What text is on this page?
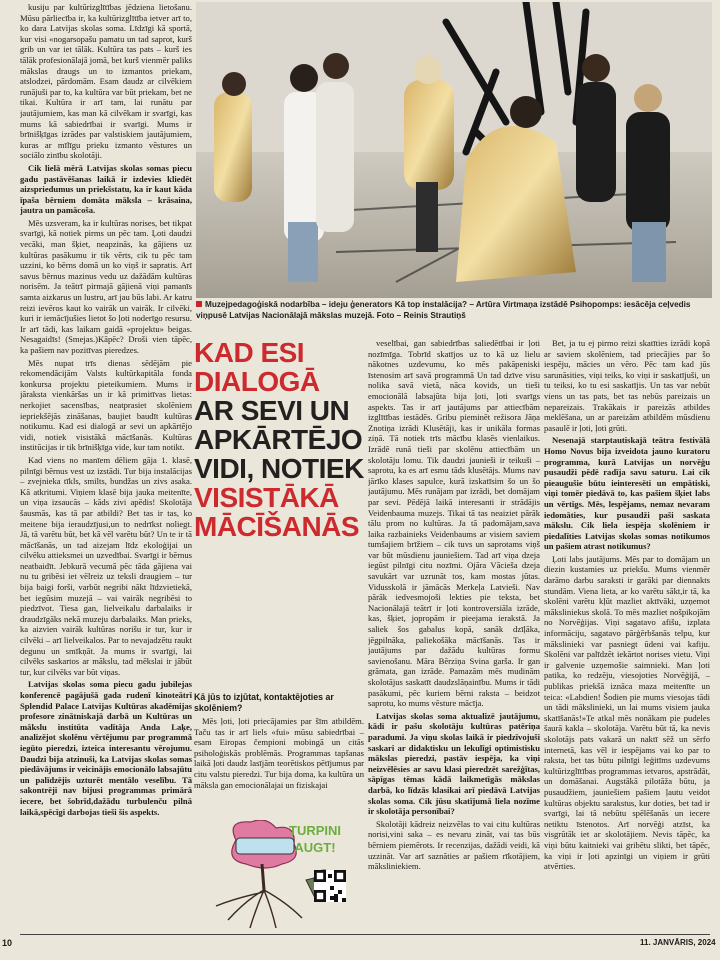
kusiju par kultūrizglītības jēdziena lietošanu. Mūsu pārliecība ir, ka kultūrizglītība ietver arī to, ko dara Latvijas skolas soma. Līdzīgi kā sportā, kur visi «nogarsopašu pamatu un tad saprot, kurš grib un var iet tālāk. Kultūra tas pats – kurš ies tālāk profesionālajā jomā, bet kurš vienmēr paliks mākslas draugs un to izmantos priekam, atslodzei, pārdomām. Esam daudz ar cilvēkiem runājuši par to, ka kultūra var būt priekam, bet ne tikai. Kultūra ir arī tam, lai runātu par jautājumiem, kas man kā cilvēkam ir svarīgi, kas mums kā sabiedrībai ir svarīgi. Mums ir brīnišķīgas izrādes par valstiskiem jautājumiem, kuras ar mīlīgu prieku izmanto vēstures un sociālo zinību skolotāji.

Cik lielā mērā Latvijas skolas somas piecu gadu pastāvēšanas laikā ir izdevies kliedēt aizspriedumus un priekšstatu, ka ir kaut kāda īpaša bērniem domāta māksla – krāsaina, jautra un pamācoša.

Mēs uzsveram, ka ir kultūras norises, bet tikpat svarīgi, kā notiek pirms un pēc tam. Ļoti daudzi vecāki, man šķiet, neapzinās, ka gājiens uz kultūras pasākumu ir tik vērts, cik tu pēc tam uzzini, ko bērns domā un ko viņš ir sapratis. Arī savus bērnus mazinus vedu uz dažādām kultūras norisēm. Ja teātrī pirmajā gājienā viņi pamanīs samta aizkarus un lustru, arī jau būs labi. Ar katru reizi ievēros kaut ko vairāk un vairāk. Ir cilvēki, kuri ir iemācījušies lietot šo ļoti noderīgo resursu. Ir arī tādi, kas laikam gaidā «projektu» beigas. Nesagaidīs! (Smejas.)Kāpēc? Droši vien tāpēc, ka pašiem nav pozitīvas pieredzes.

Mēs nupat trīs dienas sēdējām pie rekomendācijām Valsts kultūrkapitāla fonda konkursa projektu pieteikumiem. Mums ir jāraksta vienkāršas un ir kā primitīvas lietas: nerkojiet sacensības, neatprasiet skolēniem iepriekšējās zināšanas, baujiet baudīt kultūras notikumu. Kad esi dialogā ar sevi un apkārtējo vidi, notiek visistākā mācīšanās. Kultūras institūcijas ir tik brīnišķīga vide, kur tam notikt.

Kad viens no manīem dēliem gāja 1. klasē, pilnīgi bērnus vest uz izstādi. Tur bija instalācijas – zvejnieka tīkls, smilts, bundžas un zivs asaka. Kā atkritumi. Viņiem klasē bija jauka meitenīte, un viņa izsaucās – kāds zivi apēdis! Skolotāja šausmās, kas tā par atbildi? Bet tas ir tas, ko meitene bija ieraudzījusi,un to nedrīkst noliegt. Jā, tā varētu būt, bet kā vēl varētu būt? Un te ir tā mācīšanās, un tad aizejam līdz ekoloģijai un cilvēku attieksmei un uzvedībai. Svarīgi ir bērnus neatbaidīt. Jebkurā vecumā pēc tāda gājiena vai nu tu gribēsi iet vēlreiz uz teksli draugiem – tur bija baigi forši, varbūt negribi nākt līdzvietiekā, bet iegūsim muzejā – vai vairāk negribēsi to piedzīvot. Tiesa gan, lielveikalu darbalaiks ir draudzīgāks nekā muzeju darbalaiks. Man prieks, ka aizvien vairāk kultūras norišu ir tur, kur ir cilvēki – arī lielveikalos. Par to nevajadzētu raukt degunu un smīkņāt. Ja mums ir svarīgi, lai cilvēks saskartos ar mākslu, tad mēkslai ir jābūt tur, kur cilvēks var būt viņas.

Latvijas skolas soma piecu gadu jubilejas konferencē pagājušā gada rudenī kinoteātrī Splendid Palace Latvijas Kultūras akadēmijas profesore zinātniskajā darbā un Kultūras un mākslu institūta vadītāja Anda Laķe, analizējot skolēnu vērtējumu par programmā iegūto pieredzi, izteica interesantu vērojumu. Daudzi bija atzinuši, ka Latvijas skolas somas piedāvājums ir veicinājis emocionālo labsajūtu un palīdzējis uzturēt mentālo veselību. Tā sakontrēji nav bijusi programmas primārā iecere, bet šobrīd,dažādu turbulenču pilnā laikā,spēcīgi darbojas tieši šis aspekts.

Muzejpedagoģiskā nodarbība – ideju ģenerators Kā top instalācija? – Artūra Virtmaņa izstādē Psihopomps: iesācēja ceļvedis viņpusē Latvijas Nacionālajā mākslas muzejā. Foto – Reinis Strautiņš
KAD ESI
DIALOGĀ
AR SEVI UN
APKĀRTĒJO
VIDI, NOTIEK
VISISTĀKĀ
MĀCĪŠANĀS
Kā jūs to izjūtat, kontaktējoties ar skolēniem?

Mēs ļoti, ļoti priecājamies par šīm atbildēm. Taču tas ir arī liels «fui» mūsu sabiedrībai – esam Eiropas čempioni mobingā un citās psiholoģiskās problēmās. Programmas tapšanas laikā ļoti daudz lasījām teorētiskos pētījumus par citu valstu pieredzi. Tur bija doma, ka kultūra un māksla gan emocionālajai un fiziskajai

TURPINI
AUGT!

veselībai, gan sabiedrības saliedētībai ir ļoti nozīmīga. Tobrīd skatījos uz to kā uz lielu nākotnes uzdevumu, ko mēs pakāpeniski īstenosim arī savā programmā Un tad dzīve visu nolika savā vietā, nāca kovids, un tieši emocionālā labsajūta bija ļoti, ļoti svarīgs aspekts. Tas ir arī jautājums par attiecībām izglītības iestādēs. Gribu pieminēt režisora Jāņa Znotiņa izrādi Klusētāji, kas ir unikāla formas ziņā. Tā notiek trīs mācību klasēs vienlaikus. Izrādē runā tieši par skolēnu attiecībām un skolotāju lomu. Tik daudzi jaunieši ir teikuši – saprotu, ka es arī esmu tāds klusētājs. Mums nav jārīko klases sapulce, kurā izskatīsim šo un šo jautājumu. Mēs runājam par izrādi, bet domājam par sevi. Pēdējā laikā interesanti ir strādājis Veidenbauma muzejs. Tikai tā tas neaiziet pārāk tālu prom no kultūras. Ja tā padomājam,sava laika razbainieks Veidenbaums ar visiem saviem tumšajiem brīžiem – cik tuvs un saprotams viņš var būt mūsdienu jauniešiem. Tad arī viņa dzeja iegūst pilnīgi citu nozīmi. Ojāra Vācieša dzeja savukārt var uzrunāt tos, kam mostas jūtas. Vidusskolā ir jāmācās Merkeļa Latvieši. Nav pārāk iedvesmojoši lekties pie teksta, bet Nacionālajā teātrī ir ļoti kontroversiāla izrāde, kas, šķiet, jopropām ir pieejama ierakstā. Ja saliek šos gabalus kopā, sanāk dzīļāka, jēgpilnāka, paliekošāka mācīšanās. Tas ir jautājums par dažādu kultūras formu savienošanu. Māra Bērziņa Svina garša. Ir gan grāmata, gan izrāde. Pamazām mēs mudinām skolotājus saskatīt daudzslāņainību. Mums ir tādi pasākumi, pēc kuriem bērni raksta – beidzot saprotu, ko mums vēsture mācīja.

Latvijas skolas soma aktualizē jautājumu, kādi ir pašu skolotāju kultūras patēriņa paradumi. Ja viņu skolas laikā ir piedzīvojuši saskari ar didaktisku un lekulīgi optimistisku mākslas pieredzi, pastāv iespēja, ka viņi neizvēlēsies ar savu klasi pieredzēt sarežģītas, sāpīgas tēmas kādā laikmetīgās mākslas darbā, ko līdzās klasikai arī piedāvā Latvijas skolas soma. Cik jūsu skatījumā liela nozīme ir skolotāja personībai?

Skolotāji kādreiz neizvēlas to vai citu kultūras norisi,vini saka – es nevaru zināt, vai tas būs bērniem piemērots. Ir recenzijas, dažādi veidi, kā uzzināt. Var arī saznāties ar pašiem rīkotājiem, māksliniekiem.

Bet, ja tu ej pirmo reizi skatīties izrādi kopā ar saviem skolēniem, tad priecājies par šo iespēju, mācies un vēro. Pēc tam kad jūs sarunāsities, viņi teiks, ko viņi ir saskatījuši, un tu teiksi, ko tu esi saskatījis. Un tas var nebūt viens un tas pats, bet tas nebūs pareizais un nepareizais. Trakākais ir pareizās atbildes meklēšana, un ar pareizām atbildēm mūsdienu pasaulē ir ļoti, ļoti grūti.

Nesenajā starptautiskajā teātra festivālā Homo Novus bija izveidota jauno kuratoru programma, kurā Latvijas un norvēģu pusaudži pēdē radīja savu saturu. Lai cik pieaugušie būtu ieinteresēti un empātiski, viņi tomēr piedāvā to, kas pašiem šķiet labs un vērtīgs. Mēs, lespējams, nemaz nevaram iedomāties, kur pusaudži paši saskata mākslu. Cik liela iespēja skolēniem ir piedalīties Latvijas skolas somas notikumos un pašiem atrast notikumus?

Ļoti labs jautājums. Mēs par to domājam un diezin kustamies uz priekšu. Mums vienmēr darāmo darbu saraksti ir garāki par diennakts stundām. Viena lieta, ar ko varētu sākt,ir tā, ka skolēni varētu kļūt mazliet aktīvāki, uzņemot māksliniekus skolā. To mēs mazliet nošpikojām no Norvēģijas. Viņi sagatavo afišu, izplata informāciju, sagatavo pārģērbšanās telpu, kur mākslinieki var pasniegt ūdeni vai kafiju. Skolēni var palīdzēt iekārtot norises vietu. Viņi ir galvenie uzņemošie saimnieki. Man ļoti patika, ko redzēju, viesojoties Norvēģijā, – publikas priekšā iznāca maza meitenīte un teica: «Labdien! Šodien pie mums viesojas tādi un tādi mākslinieki, un lai mums visiem jauka skatīšanās!»Te atkal mēs nonākam pie pudeles šaurā kakla – skolotāja. Varētu būt tā, ka nevis skolotājs pats vakarā un naktī sēž un sērfo internetā, kas vēl ir iespējams vai ko par to raksta, bet tas būtu pilnīgi leģitīms uzdevums kultūrizglītības programmas ietvaros, apstrādāt, un domāšanai. Augstākā pilotāža būtu, ja pusaudžiem, jauniešiem pašiem ļautu veidot kultūras objektu sarakstus, kur doties, bet tad ir svarīgi, lai tā nebūtu spēlēšanās un iecere netiktu īstenotos. Arī norvēģi atzīst, ka visgrūtāk iet ar skolotājiem. Nevis tāpēc, ka viņi būtu kaitnieki vai gribētu slikti, bet tāpēc, ka viņi ir ļoti apzinīgi un viņiem ir grūti atvērties.

10	11. JANVĀRIS, 2024
